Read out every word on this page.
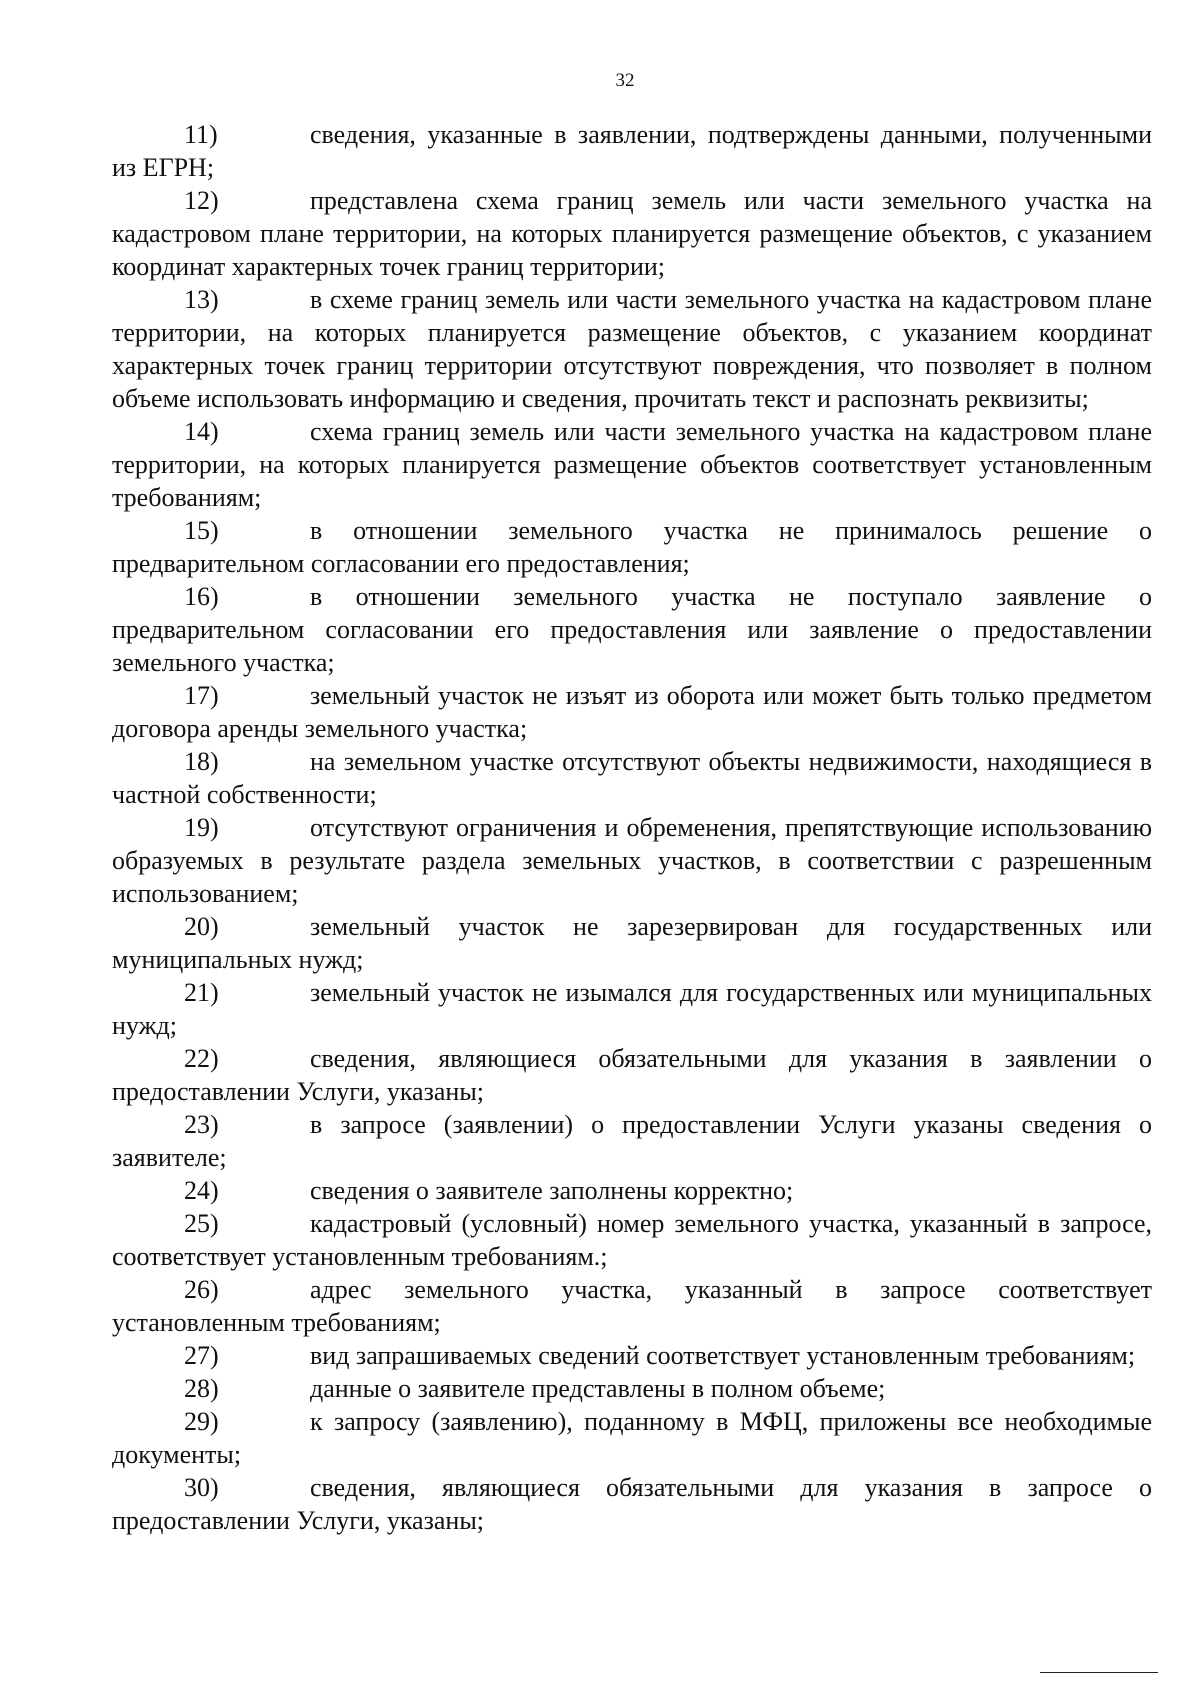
32
11)	сведения, указанные в заявлении, подтверждены данными, полученными из ЕГРН;
12)	представлена схема границ земель или части земельного участка на кадастровом плане территории, на которых планируется размещение объектов, с указанием координат характерных точек границ территории;
13)	в схеме границ земель или части земельного участка на кадастровом плане территории, на которых планируется размещение объектов, с указанием координат характерных точек границ территории отсутствуют повреждения, что позволяет в полном объеме использовать информацию и сведения, прочитать текст и распознать реквизиты;
14)	схема границ земель или части земельного участка на кадастровом плане территории, на которых планируется размещение объектов соответствует установленным требованиям;
15)	в отношении земельного участка не принималось решение о предварительном согласовании его предоставления;
16)	в отношении земельного участка не поступало заявление о предварительном согласовании его предоставления или заявление о предоставлении земельного участка;
17)	земельный участок не изъят из оборота или может быть только предметом договора аренды земельного участка;
18)	на земельном участке отсутствуют объекты недвижимости, находящиеся в частной собственности;
19)	отсутствуют ограничения и обременения, препятствующие использованию образуемых в результате раздела земельных участков, в соответствии с разрешенным использованием;
20)	земельный участок не зарезервирован для государственных или муниципальных нужд;
21)	земельный участок не изымался для государственных или муниципальных нужд;
22)	сведения, являющиеся обязательными для указания в заявлении о предоставлении Услуги, указаны;
23)	в запросе (заявлении) о предоставлении Услуги указаны сведения о заявителе;
24)	сведения о заявителе заполнены корректно;
25)	кадастровый (условный) номер земельного участка, указанный в запросе, соответствует установленным требованиям.;
26)	адрес земельного участка, указанный в запросе соответствует установленным требованиям;
27)	вид запрашиваемых сведений соответствует установленным требованиям;
28)	данные о заявителе представлены в полном объеме;
29)	к запросу (заявлению), поданному в МФЦ, приложены все необходимые документы;
30)	сведения, являющиеся обязательными для указания в запросе о предоставлении Услуги, указаны;
